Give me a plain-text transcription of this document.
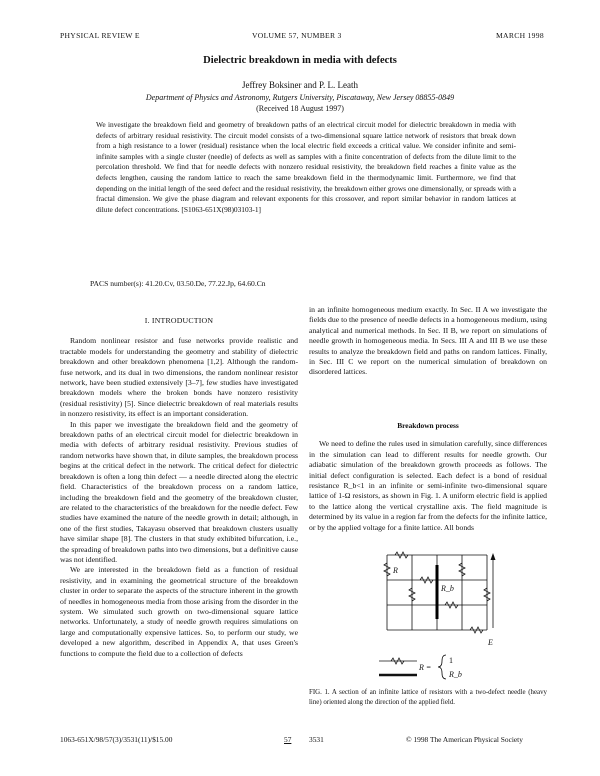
PHYSICAL REVIEW E	VOLUME 57, NUMBER 3	MARCH 1998
Dielectric breakdown in media with defects
Jeffrey Boksiner and P. L. Leath
Department of Physics and Astronomy, Rutgers University, Piscataway, New Jersey 08855-0849
(Received 18 August 1997)
We investigate the breakdown field and geometry of breakdown paths of an electrical circuit model for dielectric breakdown in media with defects of arbitrary residual resistivity. The circuit model consists of a two-dimensional square lattice network of resistors that break down from a high resistance to a lower (residual) resistance when the local electric field exceeds a critical value. We consider infinite and semi-infinite samples with a single cluster (needle) of defects as well as samples with a finite concentration of defects from the dilute limit to the percolation threshold. We find that for needle defects with nonzero residual resistivity, the breakdown field reaches a finite value as the defects lengthen, causing the random lattice to reach the same breakdown field in the thermodynamic limit. Furthermore, we find that depending on the initial length of the seed defect and the residual resistivity, the breakdown either grows one dimensionally, or spreads with a fractal dimension. We give the phase diagram and relevant exponents for this crossover, and report similar behavior in random lattices at dilute defect concentrations. [S1063-651X(98)03103-1]
PACS number(s): 41.20.Cv, 03.50.De, 77.22.Jp, 64.60.Cn
I. INTRODUCTION

Random nonlinear resistor and fuse networks provide realistic and tractable models for understanding the geometry and stability of dielectric breakdown and other breakdown phenomena [1,2]. Although the random-fuse network, and its dual in two dimensions, the random nonlinear resistor network, have been studied extensively [3–7], few studies have investigated breakdown models where the broken bonds have nonzero resistivity (residual resistivity) [5]. Since dielectric breakdown of real materials results in nonzero resistivity, its effect is an important consideration.

In this paper we investigate the breakdown field and the geometry of breakdown paths of an electrical circuit model for dielectric breakdown in media with defects of arbitrary residual resistivity. Previous studies of random networks have shown that, in dilute samples, the breakdown process begins at the critical defect in the network. The critical defect for dielectric breakdown is often a long thin defect — a needle directed along the electric field. Characteristics of the breakdown process on a random lattice, including the breakdown field and the geometry of the breakdown cluster, are related to the characteristics of the breakdown for the needle defect. Few studies have examined the nature of the needle growth in detail; although, in one of the first studies, Takayasu observed that breakdown clusters usually have similar shape [8]. The clusters in that study exhibited bifurcation, i.e., the spreading of breakdown paths into two dimensions, but a definitive cause was not identified.

We are interested in the breakdown field as a function of residual resistivity, and in examining the geometrical structure of the breakdown cluster in order to separate the aspects of the structure inherent in the growth of needles in homogeneous media from those arising from the disorder in the system. We simulated such growth on two-dimensional square lattice networks. Unfortunately, a study of needle growth requires simulations on large and computationally expensive lattices. So, to perform our study, we developed a new algorithm, described in Appendix A, that uses Green's functions to compute the field due to a collection of defects

in an infinite homogeneous medium exactly. In Sec. II A we investigate the fields due to the presence of needle defects in a homogeneous medium, using analytical and numerical methods. In Sec. II B, we report on simulations of needle growth in homogeneous media. In Secs. III A and III B we use these results to analyze the breakdown field and paths on random lattices. Finally, in Sec. III C we report on the numerical simulation of breakdown on disordered lattices.

Breakdown process

We need to define the rules used in simulation carefully, since differences in the simulation can lead to different results for needle growth. Our adiabatic simulation of the breakdown growth proceeds as follows. The initial defect configuration is selected. Each defect is a bond of residual resistance R_b<1 in an infinite or semi-infinite two-dimensional square lattice of 1-Ω resistors, as shown in Fig. 1. A uniform electric field is applied to the lattice along the vertical crystalline axis. The field magnitude is determined by its value in a region far from the defects for the infinite lattice, or by the applied voltage for a finite lattice. All bonds

R
R_b
E
R =
1
R_b
FIG. 1. A section of an infinite lattice of resistors with a two-defect needle (heavy line) oriented along the direction of the applied field.
1063-651X/98/57(3)/3531(11)/$15.00	57 3531	© 1998 The American Physical Society
